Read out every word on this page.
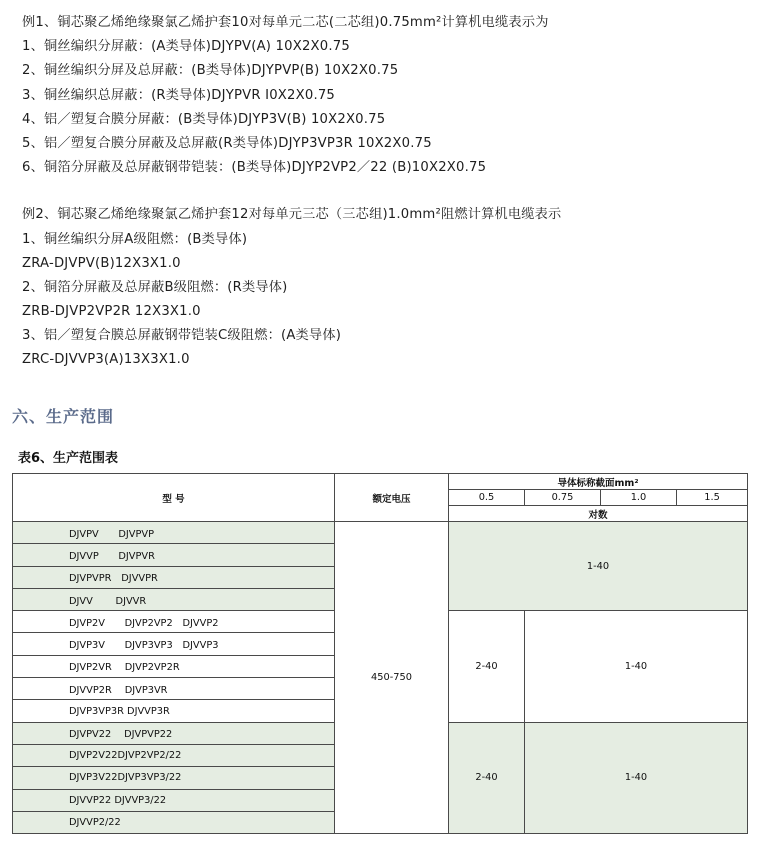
例1、铜芯聚乙烯绝缘聚氯乙烯护套10对每单元二芯(二芯组)0.75mm²计算机电缆表示为
1、铜丝编织分屏蔽：(A类导体)DJYPV(A) 10X2X0.75
2、铜丝编织分屏及总屏蔽：(B类导体)DJYPVP(B) 10X2X0.75
3、铜丝编织总屏蔽：(R类导体)DJYPVR I0X2X0.75
4、铝／塑复合膜分屏蔽：(B类导体)DJYP3V(B) 10X2X0.75
5、铝／塑复合膜分屏蔽及总屏蔽(R类导体)DJYP3VP3R 10X2X0.75
6、铜箔分屏蔽及总屏蔽钢带铠装：(B类导体)DJYP2VP2／22 (B)10X2X0.75
例2、铜芯聚乙烯绝缘聚氯乙烯护套12对每单元三芯（三芯组)1.0mm²阻燃计算机电缆表示
1、铜丝编织分屏A级阻燃：(B类导体)
ZRA-DJVPV(B)12X3X1.0
2、铜箔分屏蔽及总屏蔽B级阻燃：(R类导体)
ZRB-DJVP2VP2R 12X3X1.0
3、铝／塑复合膜总屏蔽钢带铠装C级阻燃：(A类导体)
ZRC-DJVVP3(A)13X3X1.0
六、生产范围
表6、生产范围表
型 号	额定电压	导体标称截面mm²			
		0.5	0.75	1.0	1.5
		对数			
DJVPV　　DJVPVP	450-750	1-40			
DJVVP　　DJVPVR					
DJVPVPR　DJVVPR					
DJVV　　 DJVVR					
DJVP2V　　DJVP2VP2　DJVVP2		2-40	1-40		
DJVP3V　　DJVP3VP3　DJVVP3					
DJVP2VR　 DJVP2VP2R					
DJVVP2R　 DJVP3VR					
DJVP3VP3R DJVVP3R					
DJVPV22　 DJVPVP22		2-40	1-40		
DJVP2V22DJVP2VP2/22					
DJVP3V22DJVP3VP3/22					
DJVVP22 DJVVP3/22					
DJVVP2/22					
